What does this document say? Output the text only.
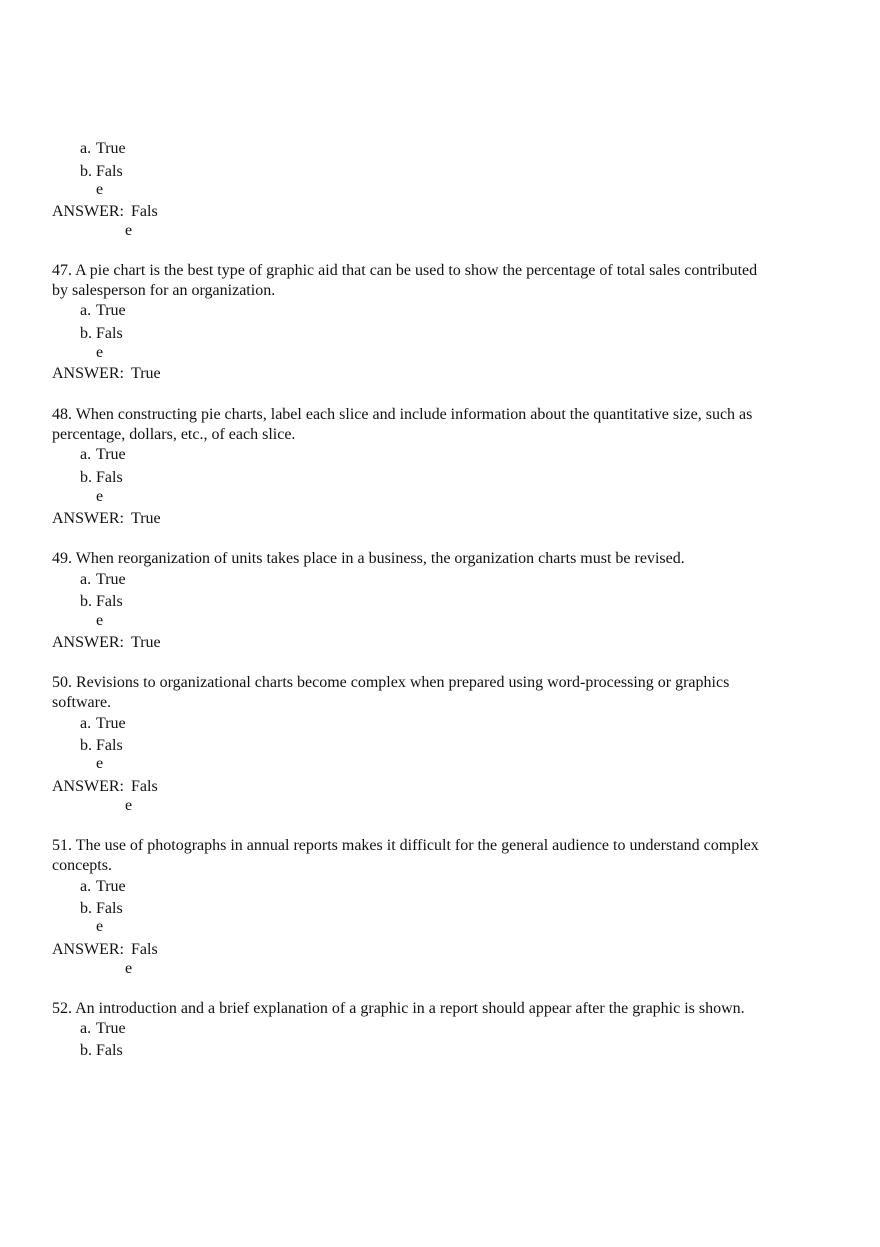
a. True
b. Fals
e
ANSWER: Fals
e
47. A pie chart is the best type of graphic aid that can be used to show the percentage of total sales contributed
by salesperson for an organization.
a. True
b. Fals
e
ANSWER: True
48. When constructing pie charts, label each slice and include information about the quantitative size, such as
percentage, dollars, etc., of each slice.
a. True
b. Fals
e
ANSWER: True
49. When reorganization of units takes place in a business, the organization charts must be revised.
a. True
b. Fals
e
ANSWER: True
50. Revisions to organizational charts become complex when prepared using word-processing or graphics
software.
a. True
b. Fals
e
ANSWER: Fals
e
51. The use of photographs in annual reports makes it difficult for the general audience to understand complex
concepts.
a. True
b. Fals
e
ANSWER: Fals
e
52. An introduction and a brief explanation of a graphic in a report should appear after the graphic is shown.
a. True
b. Fals
